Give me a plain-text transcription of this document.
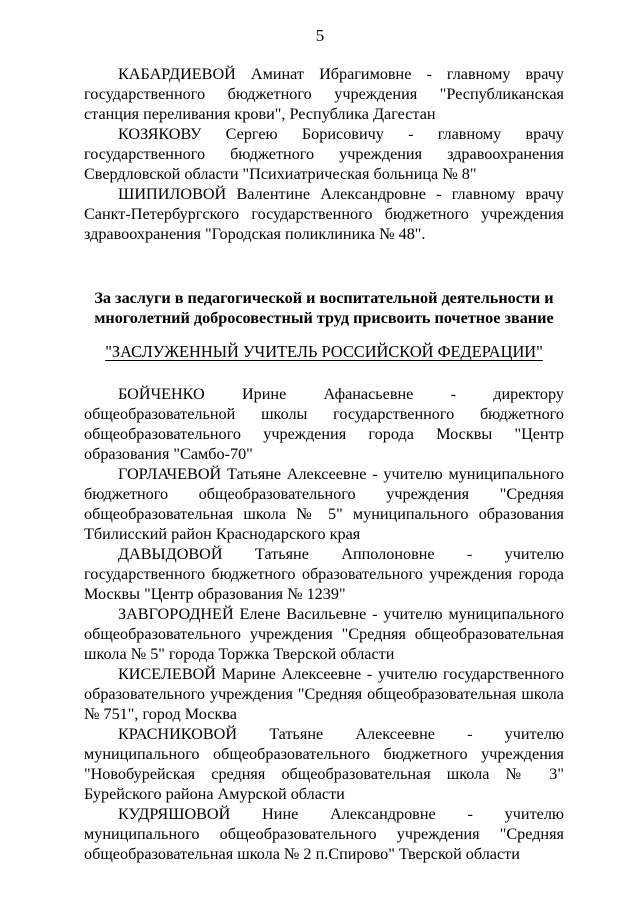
5

КАБАРДИЕВОЙ Аминат Ибрагимовне - главному врачу государственного бюджетного учреждения "Республиканская станция переливания крови", Республика Дагестан

КОЗЯКОВУ Сергею Борисовичу - главному врачу государственного бюджетного учреждения здравоохранения Свердловской области "Психиатрическая больница № 8"

ШИПИЛОВОЙ Валентине Александровне - главному врачу Санкт-Петербургского государственного бюджетного учреждения здравоохранения "Городская поликлиника № 48".

За заслуги в педагогической и воспитательной деятельности и многолетний добросовестный труд присвоить почетное звание

"ЗАСЛУЖЕННЫЙ УЧИТЕЛЬ РОССИЙСКОЙ ФЕДЕРАЦИИ"

БОЙЧЕНКО Ирине Афанасьевне - директору общеобразовательной школы государственного бюджетного общеобразовательного учреждения города Москвы "Центр образования "Самбо-70"

ГОРЛАЧЕВОЙ Татьяне Алексеевне - учителю муниципального бюджетного общеобразовательного учреждения "Средняя общеобразовательная школа № 5" муниципального образования Тбилисский район Краснодарского края

ДАВЫДОВОЙ Татьяне Апполоновне - учителю государственного бюджетного образовательного учреждения города Москвы "Центр образования № 1239"

ЗАВГОРОДНЕЙ Елене Васильевне - учителю муниципального общеобразовательного учреждения "Средняя общеобразовательная школа № 5" города Торжка Тверской области

КИСЕЛЕВОЙ Марине Алексеевне - учителю государственного образовательного учреждения "Средняя общеобразовательная школа № 751", город Москва

КРАСНИКОВОЙ Татьяне Алексеевне - учителю муниципального общеобразовательного бюджетного учреждения "Новобурейская средняя общеобразовательная школа № 3" Бурейского района Амурской области

КУДРЯШОВОЙ Нине Александровне - учителю муниципального общеобразовательного учреждения "Средняя общеобразовательная школа № 2 п.Спирово" Тверской области
